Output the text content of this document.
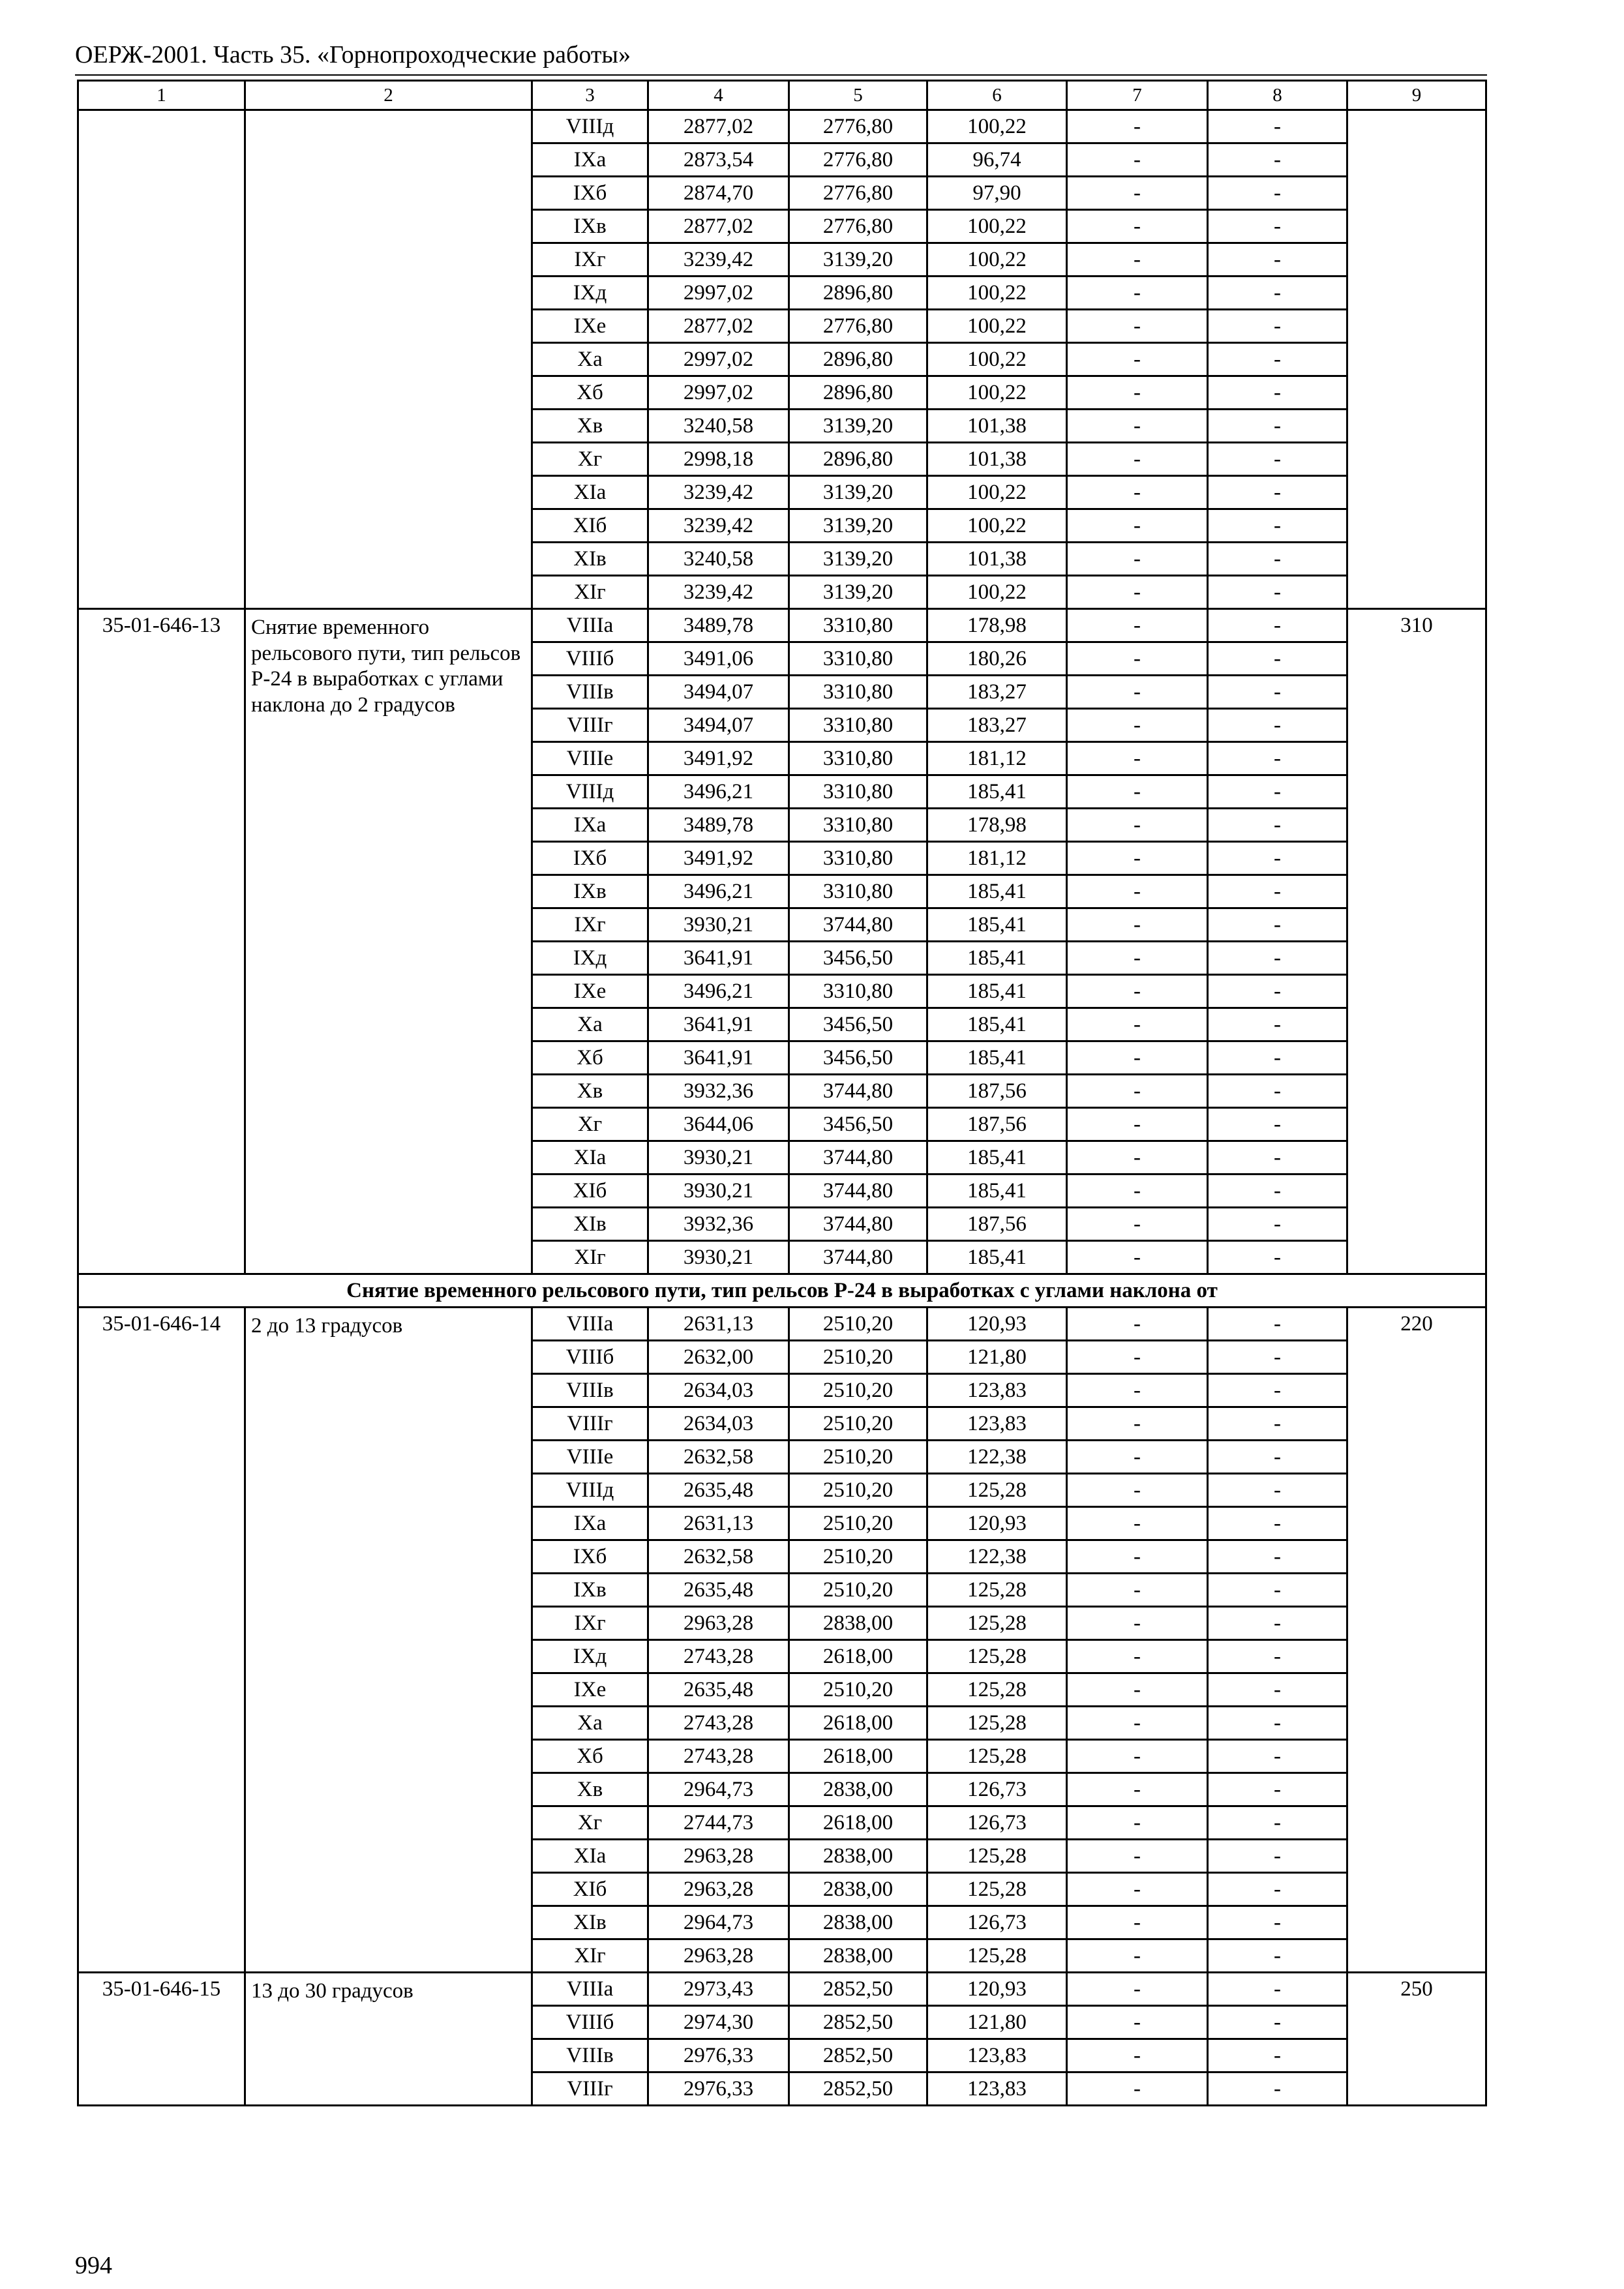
ОЕРЖ-2001. Часть 35. «Горнопроходческие работы»
1	2	3	4	5	6	7	8	9
		VIIIд	2877,02	2776,80	100,22	-	-	
		IXа	2873,54	2776,80	96,74	-	-	
		IXб	2874,70	2776,80	97,90	-	-	
		IXв	2877,02	2776,80	100,22	-	-	
		IXг	3239,42	3139,20	100,22	-	-	
		IXд	2997,02	2896,80	100,22	-	-	
		IXе	2877,02	2776,80	100,22	-	-	
		Xа	2997,02	2896,80	100,22	-	-	
		Xб	2997,02	2896,80	100,22	-	-	
		Xв	3240,58	3139,20	101,38	-	-	
		Xг	2998,18	2896,80	101,38	-	-	
		XIа	3239,42	3139,20	100,22	-	-	
		XIб	3239,42	3139,20	100,22	-	-	
		XIв	3240,58	3139,20	101,38	-	-	
		XIг	3239,42	3139,20	100,22	-	-	
35-01-646-13	Снятие временного рельсового пути, тип рельсов Р-24 в выработках с углами наклона до 2 градусов	VIIIа	3489,78	3310,80	178,98	-	-	310
		VIIIб	3491,06	3310,80	180,26	-	-	
		VIIIв	3494,07	3310,80	183,27	-	-	
		VIIIг	3494,07	3310,80	183,27	-	-	
		VIIIе	3491,92	3310,80	181,12	-	-	
		VIIIд	3496,21	3310,80	185,41	-	-	
		IXа	3489,78	3310,80	178,98	-	-	
		IXб	3491,92	3310,80	181,12	-	-	
		IXв	3496,21	3310,80	185,41	-	-	
		IXг	3930,21	3744,80	185,41	-	-	
		IXд	3641,91	3456,50	185,41	-	-	
		IXе	3496,21	3310,80	185,41	-	-	
		Xа	3641,91	3456,50	185,41	-	-	
		Xб	3641,91	3456,50	185,41	-	-	
		Xв	3932,36	3744,80	187,56	-	-	
		Xг	3644,06	3456,50	187,56	-	-	
		XIа	3930,21	3744,80	185,41	-	-	
		XIб	3930,21	3744,80	185,41	-	-	
		XIв	3932,36	3744,80	187,56	-	-	
		XIг	3930,21	3744,80	185,41	-	-	
Снятие временного рельсового пути, тип рельсов Р-24 в выработках с углами наклона от								
35-01-646-14	2 до 13 градусов	VIIIа	2631,13	2510,20	120,93	-	-	220
		VIIIб	2632,00	2510,20	121,80	-	-	
		VIIIв	2634,03	2510,20	123,83	-	-	
		VIIIг	2634,03	2510,20	123,83	-	-	
		VIIIе	2632,58	2510,20	122,38	-	-	
		VIIIд	2635,48	2510,20	125,28	-	-	
		IXа	2631,13	2510,20	120,93	-	-	
		IXб	2632,58	2510,20	122,38	-	-	
		IXв	2635,48	2510,20	125,28	-	-	
		IXг	2963,28	2838,00	125,28	-	-	
		IXд	2743,28	2618,00	125,28	-	-	
		IXе	2635,48	2510,20	125,28	-	-	
		Xа	2743,28	2618,00	125,28	-	-	
		Xб	2743,28	2618,00	125,28	-	-	
		Xв	2964,73	2838,00	126,73	-	-	
		Xг	2744,73	2618,00	126,73	-	-	
		XIа	2963,28	2838,00	125,28	-	-	
		XIб	2963,28	2838,00	125,28	-	-	
		XIв	2964,73	2838,00	126,73	-	-	
		XIг	2963,28	2838,00	125,28	-	-	
35-01-646-15	13 до 30 градусов	VIIIа	2973,43	2852,50	120,93	-	-	250
		VIIIб	2974,30	2852,50	121,80	-	-	
		VIIIв	2976,33	2852,50	123,83	-	-	
		VIIIг	2976,33	2852,50	123,83	-	-	
994
